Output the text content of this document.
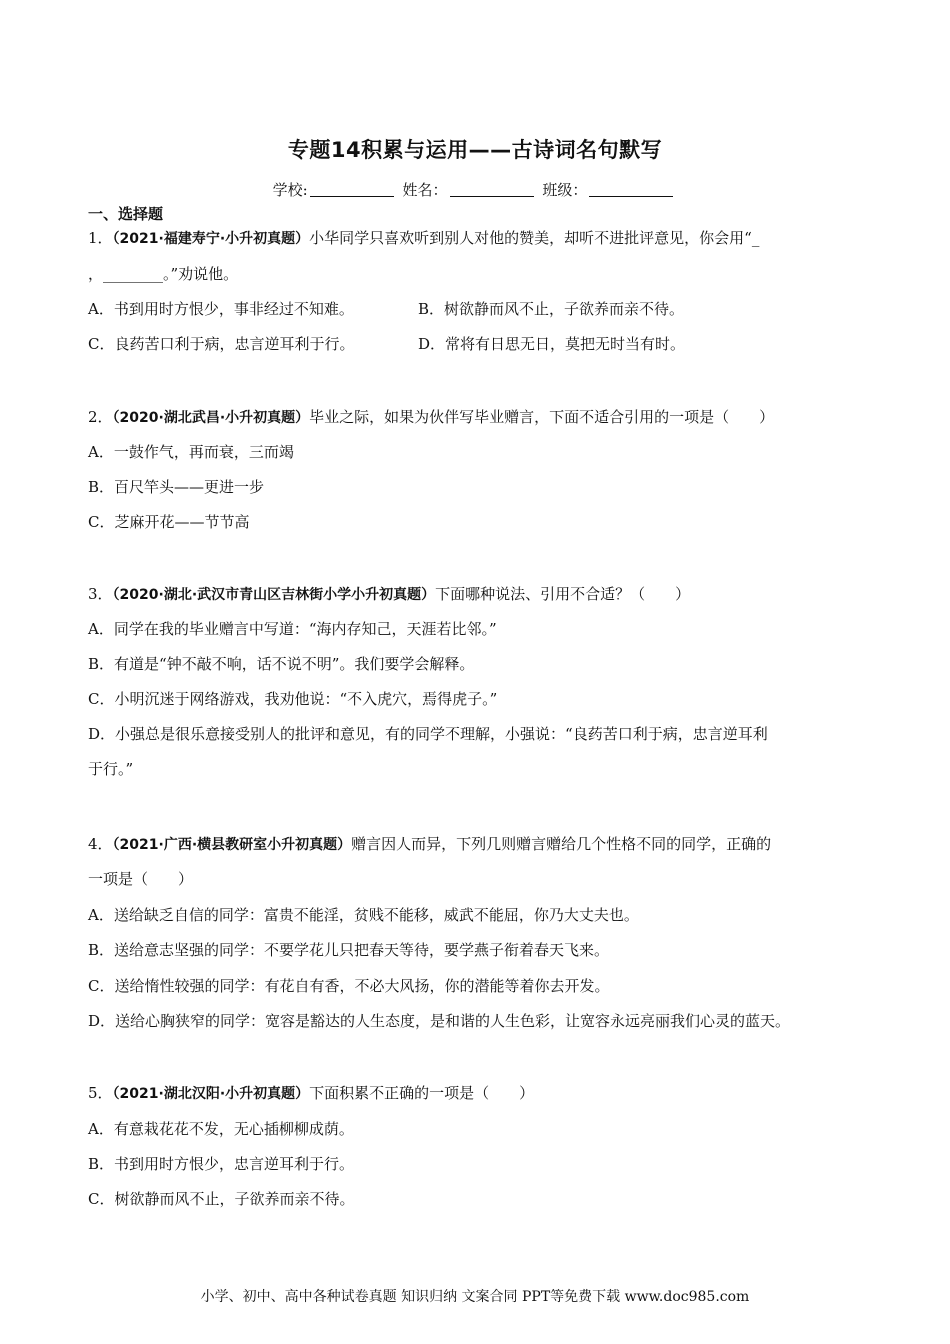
专题14积累与运用——古诗词名句默写
学校:	姓名：	班级：
一、选择题
1．（2021·福建寿宁·小升初真题）小华同学只喜欢听到别人对他的赞美，却听不进批评意见，你会用“_
，________。”劝说他。
A．书到用时方恨少，事非经过不知难。	B．树欲静而风不止，子欲养而亲不待。
C．良药苦口利于病，忠言逆耳利于行。	D．常将有日思无日，莫把无时当有时。
2．（2020·湖北武昌·小升初真题）毕业之际，如果为伙伴写毕业赠言，下面不适合引用的一项是（　　）
A．一鼓作气，再而衰，三而竭
B．百尺竿头——更进一步
C．芝麻开花——节节高
3．（2020·湖北·武汉市青山区吉林街小学小升初真题）下面哪种说法、引用不合适？（　　）
A．同学在我的毕业赠言中写道：“海内存知己，天涯若比邻。”
B．有道是“钟不敲不响，话不说不明”。我们要学会解释。
C．小明沉迷于网络游戏，我劝他说：“不入虎穴，焉得虎子。”
D．小强总是很乐意接受别人的批评和意见，有的同学不理解，小强说：“良药苦口利于病，忠言逆耳利
于行。”
4．（2021·广西·横县教研室小升初真题）赠言因人而异，下列几则赠言赠给几个性格不同的同学，正确的
一项是（　　）
A．送给缺乏自信的同学：富贵不能淫，贫贱不能移，威武不能屈，你乃大丈夫也。
B．送给意志坚强的同学：不要学花儿只把春天等待，要学燕子衔着春天飞来。
C．送给惰性较强的同学：有花自有香，不必大风扬，你的潜能等着你去开发。
D．送给心胸狭窄的同学：宽容是豁达的人生态度，是和谐的人生色彩，让宽容永远亮丽我们心灵的蓝天。
5．（2021·湖北汉阳·小升初真题）下面积累不正确的一项是（　　）
A．有意栽花花不发，无心插柳柳成荫。
B．书到用时方恨少，忠言逆耳利于行。
C．树欲静而风不止，子欲养而亲不待。
小学、初中、高中各种试卷真题 知识归纳 文案合同 PPT等免费下载 www.doc985.com
